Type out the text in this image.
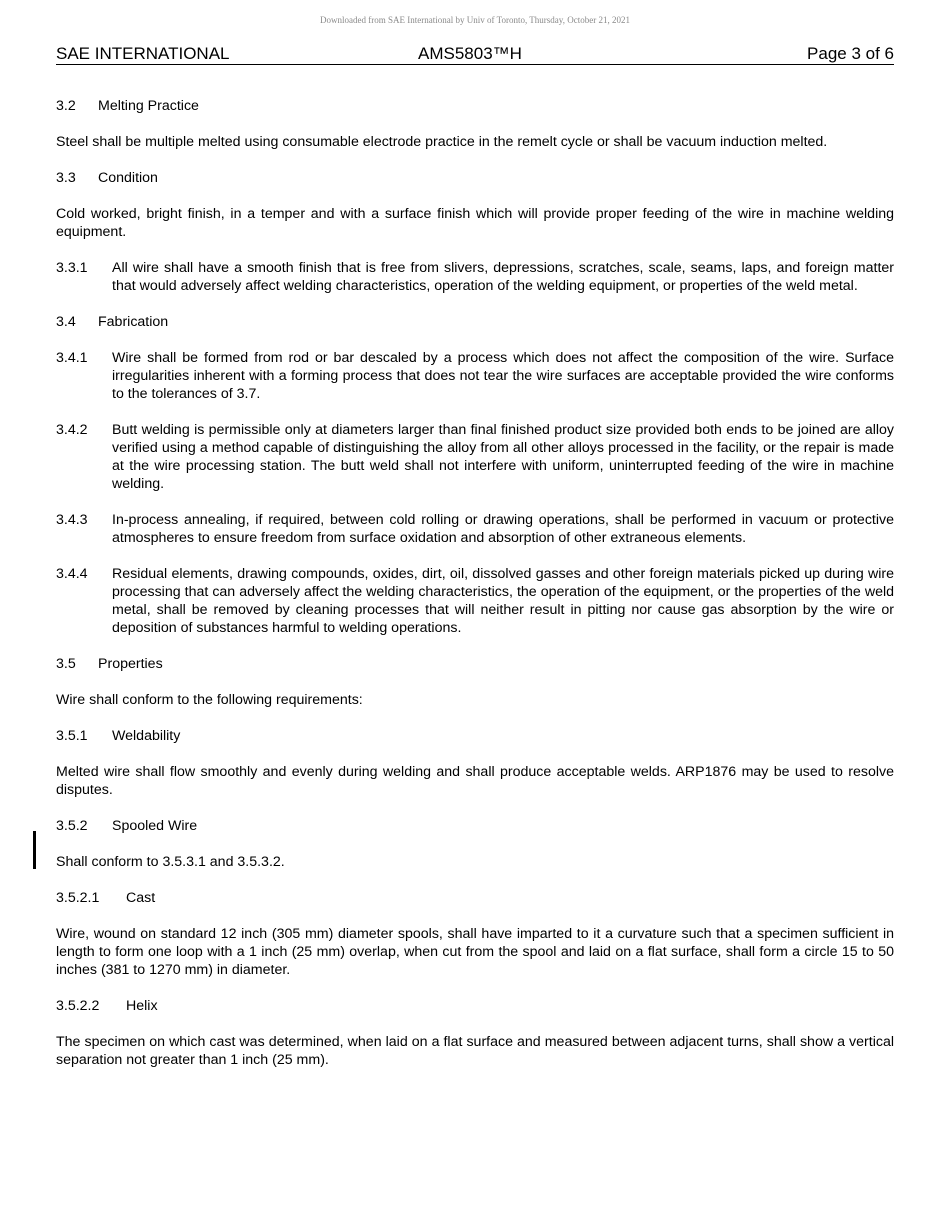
Downloaded from SAE International by Univ of Toronto, Thursday, October 21, 2021
SAE INTERNATIONAL	AMS5803™H	Page 3 of 6
3.2	Melting Practice
Steel shall be multiple melted using consumable electrode practice in the remelt cycle or shall be vacuum induction melted.
3.3	Condition
Cold worked, bright finish, in a temper and with a surface finish which will provide proper feeding of the wire in machine welding equipment.
3.3.1	All wire shall have a smooth finish that is free from slivers, depressions, scratches, scale, seams, laps, and foreign matter that would adversely affect welding characteristics, operation of the welding equipment, or properties of the weld metal.
3.4	Fabrication
3.4.1	Wire shall be formed from rod or bar descaled by a process which does not affect the composition of the wire. Surface irregularities inherent with a forming process that does not tear the wire surfaces are acceptable provided the wire conforms to the tolerances of 3.7.
3.4.2	Butt welding is permissible only at diameters larger than final finished product size provided both ends to be joined are alloy verified using a method capable of distinguishing the alloy from all other alloys processed in the facility, or the repair is made at the wire processing station. The butt weld shall not interfere with uniform, uninterrupted feeding of the wire in machine welding.
3.4.3	In-process annealing, if required, between cold rolling or drawing operations, shall be performed in vacuum or protective atmospheres to ensure freedom from surface oxidation and absorption of other extraneous elements.
3.4.4	Residual elements, drawing compounds, oxides, dirt, oil, dissolved gasses and other foreign materials picked up during wire processing that can adversely affect the welding characteristics, the operation of the equipment, or the properties of the weld metal, shall be removed by cleaning processes that will neither result in pitting nor cause gas absorption by the wire or deposition of substances harmful to welding operations.
3.5	Properties
Wire shall conform to the following requirements:
3.5.1	Weldability
Melted wire shall flow smoothly and evenly during welding and shall produce acceptable welds. ARP1876 may be used to resolve disputes.
3.5.2	Spooled Wire
Shall conform to 3.5.3.1 and 3.5.3.2.
3.5.2.1	Cast
Wire, wound on standard 12 inch (305 mm) diameter spools, shall have imparted to it a curvature such that a specimen sufficient in length to form one loop with a 1 inch (25 mm) overlap, when cut from the spool and laid on a flat surface, shall form a circle 15 to 50 inches (381 to 1270 mm) in diameter.
3.5.2.2	Helix
The specimen on which cast was determined, when laid on a flat surface and measured between adjacent turns, shall show a vertical separation not greater than 1 inch (25 mm).
